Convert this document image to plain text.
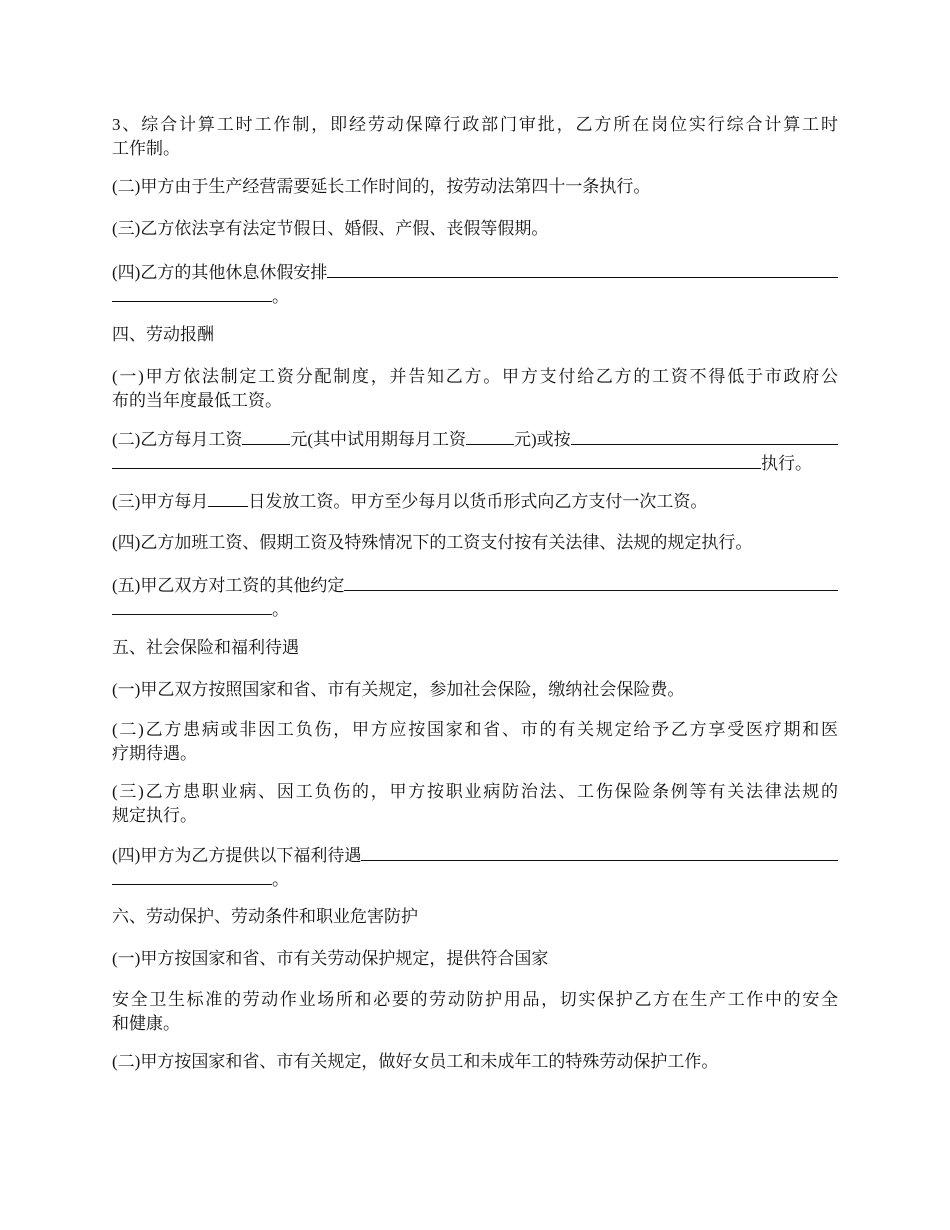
3、综合计算工时工作制，即经劳动保障行政部门审批，乙方所在岗位实行综合计算工时
工作制。
(二)甲方由于生产经营需要延长工作时间的，按劳动法第四十一条执行。
(三)乙方依法享有法定节假日、婚假、产假、丧假等假期。
(四)乙方的其他休息休假安排
。
四、劳动报酬
(一)甲方依法制定工资分配制度，并告知乙方。甲方支付给乙方的工资不得低于市政府公
布的当年度最低工资。
(二)乙方每月工资	元(其中试用期每月工资	元)或按
执行。
(三)甲方每月 日发放工资。甲方至少每月以货币形式向乙方支付一次工资。
(四)乙方加班工资、假期工资及特殊情况下的工资支付按有关法律、法规的规定执行。
(五)甲乙双方对工资的其他约定
。
五、社会保险和福利待遇
(一)甲乙双方按照国家和省、市有关规定，参加社会保险，缴纳社会保险费。
(二)乙方患病或非因工负伤，甲方应按国家和省、市的有关规定给予乙方享受医疗期和医
疗期待遇。
(三)乙方患职业病、因工负伤的，甲方按职业病防治法、工伤保险条例等有关法律法规的
规定执行。
(四)甲方为乙方提供以下福利待遇
。
六、劳动保护、劳动条件和职业危害防护
(一)甲方按国家和省、市有关劳动保护规定，提供符合国家
安全卫生标准的劳动作业场所和必要的劳动防护用品，切实保护乙方在生产工作中的安全
和健康。
(二)甲方按国家和省、市有关规定，做好女员工和未成年工的特殊劳动保护工作。
